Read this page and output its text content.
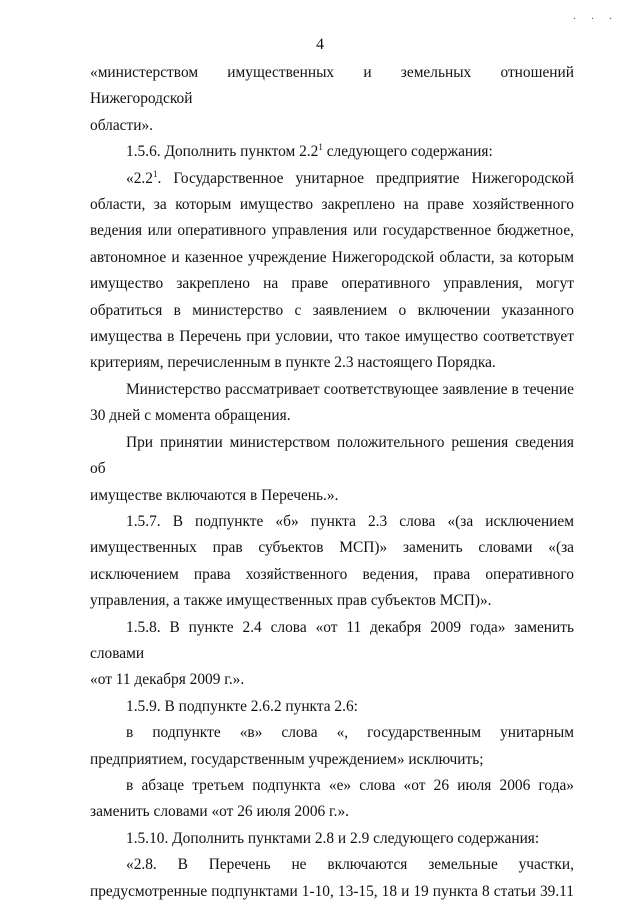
. . .
4

«министерством имущественных и земельных отношений Нижегородской

области».

1.5.6. Дополнить пунктом $2.2^1$ следующего содержания:

«$2.2^1$. Государственное унитарное предприятие Нижегородской

области, за которым имущество закреплено на праве хозяйственного

ведения или оперативного управления или государственное бюджетное,

автономное и казенное учреждение Нижегородской области, за которым

имущество закреплено на праве оперативного управления, могут

обратиться в министерство с заявлением о включении указанного

имущества в Перечень при условии, что такое имущество соответствует

критериям, перечисленным в пункте 2.3 настоящего Порядка.

Министерство рассматривает соответствующее заявление в течение

30 дней с момента обращения.

При принятии министерством положительного решения сведения об

имуществе включаются в Перечень.».

1.5.7. В подпункте «б» пункта 2.3 слова «(за исключением

имущественных прав субъектов МСП)» заменить словами «(за

исключением права хозяйственного ведения, права оперативного

управления, а также имущественных прав субъектов МСП)».

1.5.8. В пункте 2.4 слова «от 11 декабря 2009 года» заменить словами

«от 11 декабря 2009 г.».

1.5.9. В подпункте 2.6.2 пункта 2.6:

в подпункте «в» слова «, государственным унитарным

предприятием, государственным учреждением» исключить;

в абзаце третьем подпункта «е» слова «от 26 июля 2006 года»

заменить словами «от 26 июля 2006 г.».

1.5.10. Дополнить пунктами 2.8 и 2.9 следующего содержания:

«2.8. В Перечень не включаются земельные участки,

предусмотренные подпунктами 1-10, 13-15, 18 и 19 пункта 8 статьи 39.11
